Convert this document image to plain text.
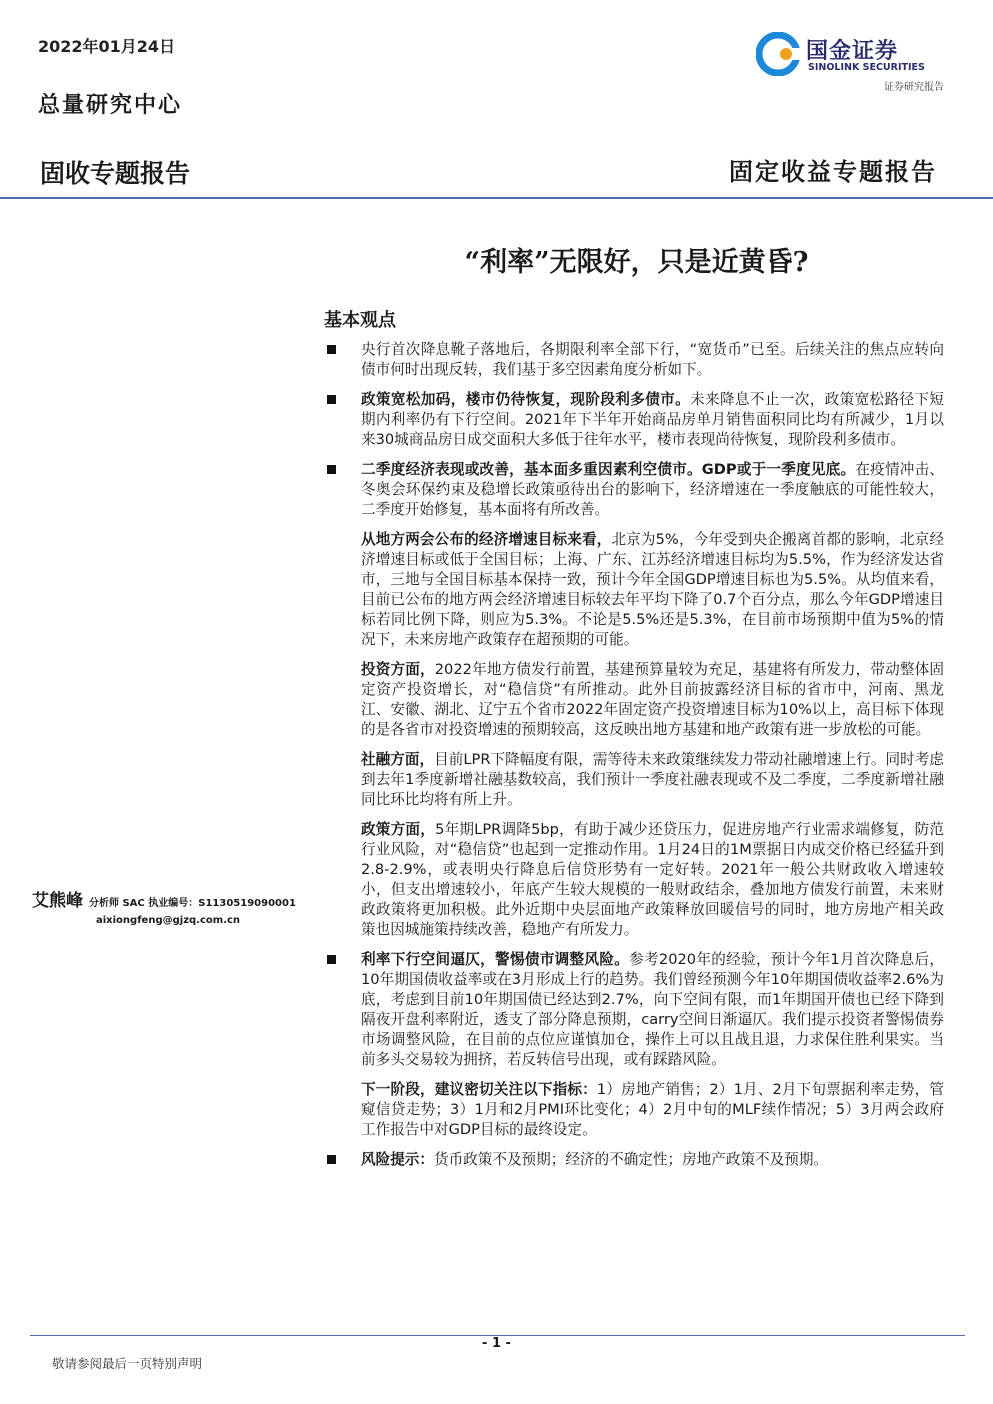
2022年01月24日
总量研究中心
固收专题报告	固定收益专题报告
国金证券
SINOLINK SECURITIES
证券研究报告
“利率”无限好，只是近黄昏?
基本观点
央行首次降息靴子落地后，各期限利率全部下行，“宽货币”已至。后续关注的焦点应转向债市何时出现反转，我们基于多空因素角度分析如下。
政策宽松加码，楼市仍待恢复，现阶段利多债市。未来降息不止一次，政策宽松路径下短期内利率仍有下行空间。2021年下半年开始商品房单月销售面积同比均有所减少，1月以来30城商品房日成交面积大多低于往年水平，楼市表现尚待恢复，现阶段利多债市。
二季度经济表现或改善，基本面多重因素利空债市。GDP或于一季度见底。在疫情冲击、冬奥会环保约束及稳增长政策亟待出台的影响下，经济增速在一季度触底的可能性较大，二季度开始修复，基本面将有所改善。
从地方两会公布的经济增速目标来看，北京为5%，今年受到央企搬离首都的影响，北京经济增速目标或低于全国目标；上海、广东、江苏经济增速目标均为5.5%，作为经济发达省市，三地与全国目标基本保持一致，预计今年全国GDP增速目标也为5.5%。从均值来看，目前已公布的地方两会经济增速目标较去年平均下降了0.7个百分点，那么今年GDP增速目标若同比例下降，则应为5.3%。不论是5.5%还是5.3%，在目前市场预期中值为5%的情况下，未来房地产政策存在超预期的可能。
投资方面，2022年地方债发行前置，基建预算量较为充足，基建将有所发力，带动整体固定资产投资增长，对“稳信贷”有所推动。此外目前披露经济目标的省市中，河南、黑龙江、安徽、湖北、辽宁五个省市2022年固定资产投资增速目标为10%以上，高目标下体现的是各省市对投资增速的预期较高，这反映出地方基建和地产政策有进一步放松的可能。
社融方面，目前LPR下降幅度有限，需等待未来政策继续发力带动社融增速上行。同时考虑到去年1季度新增社融基数较高，我们预计一季度社融表现或不及二季度，二季度新增社融同比环比均将有所上升。
政策方面，5年期LPR调降5bp，有助于减少还贷压力，促进房地产行业需求端修复，防范行业风险，对“稳信贷”也起到一定推动作用。1月24日的1M票据日内成交价格已经猛升到2.8-2.9%，或表明央行降息后信贷形势有一定好转。2021年一般公共财政收入增速较小，但支出增速较小，年底产生较大规模的一般财政结余，叠加地方债发行前置，未来财政政策将更加积极。此外近期中央层面地产政策释放回暖信号的同时，地方房地产相关政策也因城施策持续改善，稳地产有所发力。
利率下行空间逼仄，警惕债市调整风险。参考2020年的经验，预计今年1月首次降息后，10年期国债收益率或在3月形成上行的趋势。我们曾经预测今年10年期国债收益率2.6%为底，考虑到目前10年期国债已经达到2.7%，向下空间有限，而1年期国开债也已经下降到隔夜开盘利率附近，透支了部分降息预期，carry空间日渐逼仄。我们提示投资者警惕债券市场调整风险，在目前的点位应谨慎加仓，操作上可以且战且退，力求保住胜利果实。当前多头交易较为拥挤，若反转信号出现，或有踩踏风险。
下一阶段，建议密切关注以下指标：1）房地产销售；2）1月、2月下旬票据利率走势，管窥信贷走势；3）1月和2月PMI环比变化；4）2月中旬的MLF续作情况；5）3月两会政府工作报告中对GDP目标的最终设定。
风险提示：货币政策不及预期；经济的不确定性；房地产政策不及预期。
艾熊峰 分析师 SAC 执业编号：S1130519090001
aixiongfeng@gjzq.com.cn
- 1 -
敬请参阅最后一页特别声明
